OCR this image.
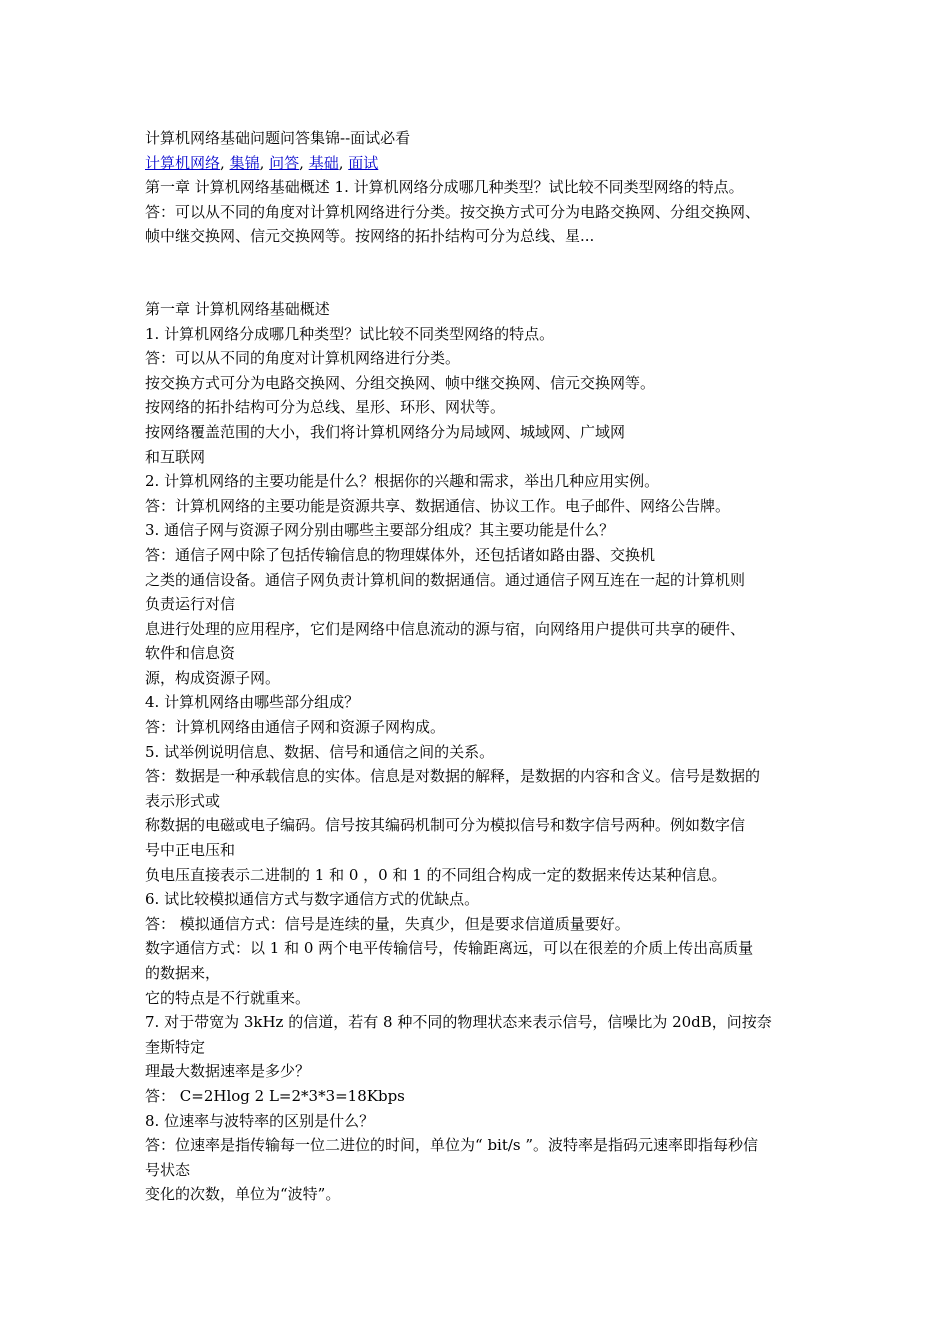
计算机网络基础问题问答集锦--面试必看
计算机网络, 集锦, 问答, 基础, 面试
第一章 计算机网络基础概述 1. 计算机网络分成哪几种类型？试比较不同类型网络的特点。
答：可以从不同的角度对计算机网络进行分类。按交换方式可分为电路交换网、分组交换网、
帧中继交换网、信元交换网等。按网络的拓扑结构可分为总线、星...
第一章 计算机网络基础概述
1. 计算机网络分成哪几种类型？试比较不同类型网络的特点。
答：可以从不同的角度对计算机网络进行分类。
按交换方式可分为电路交换网、分组交换网、帧中继交换网、信元交换网等。
按网络的拓扑结构可分为总线、星形、环形、网状等。
按网络覆盖范围的大小，我们将计算机网络分为局域网、城域网、广域网
和互联网
2. 计算机网络的主要功能是什么？根据你的兴趣和需求，举出几种应用实例。
答：计算机网络的主要功能是资源共享、数据通信、协议工作。电子邮件、网络公告牌。
3. 通信子网与资源子网分别由哪些主要部分组成？其主要功能是什么？
答：通信子网中除了包括传输信息的物理媒体外，还包括诸如路由器、交换机
之类的通信设备。通信子网负责计算机间的数据通信。通过通信子网互连在一起的计算机则
负责运行对信
息进行处理的应用程序，它们是网络中信息流动的源与宿，向网络用户提供可共享的硬件、
软件和信息资
源，构成资源子网。
4. 计算机网络由哪些部分组成？
答：计算机网络由通信子网和资源子网构成。
5. 试举例说明信息、数据、信号和通信之间的关系。
答：数据是一种承载信息的实体。信息是对数据的解释，是数据的内容和含义。信号是数据的
表示形式或
称数据的电磁或电子编码。信号按其编码机制可分为模拟信号和数字信号两种。例如数字信
号中正电压和
负电压直接表示二进制的 1 和 0 ，0 和 1 的不同组合构成一定的数据来传达某种信息。
6. 试比较模拟通信方式与数字通信方式的优缺点。
答： 模拟通信方式：信号是连续的量，失真少，但是要求信道质量要好。
数字通信方式：以 1 和 0 两个电平传输信号，传输距离远，可以在很差的介质上传出高质量
的数据来，
它的特点是不行就重来。
7. 对于带宽为 3kHz 的信道，若有 8 种不同的物理状态来表示信号，信噪比为 20dB，问按奈
奎斯特定
理最大数据速率是多少？
答： C=2Hlog 2 L=2*3*3=18Kbps
8. 位速率与波特率的区别是什么？
答：位速率是指传输每一位二进位的时间，单位为“ bit/s ”。波特率是指码元速率即指每秒信
号状态
变化的次数，单位为“波特”。
